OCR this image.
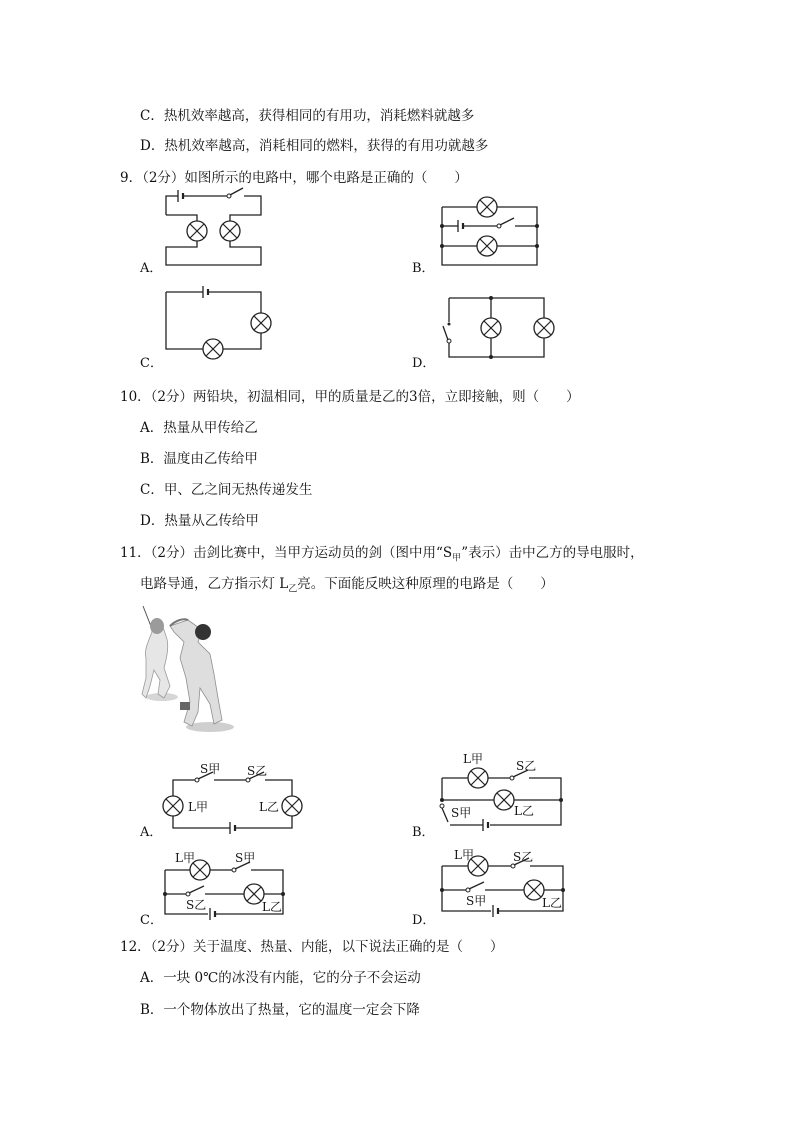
C．热机效率越高，获得相同的有用功，消耗燃料就越多
D．热机效率越高，消耗相同的燃料，获得的有用功就越多
9．（2分）如图所示的电路中，哪个电路是正确的（　　）
A．	B．
C．	D．
10．（2分）两铅块，初温相同，甲的质量是乙的3倍，立即接触，则（　　）
A．热量从甲传给乙
B．温度由乙传给甲
C．甲、乙之间无热传递发生
D．热量从乙传给甲
11．（2分）击剑比赛中，当甲方运动员的剑（图中用“$S_甲$”表示）击中乙方的导电服时，
电路导通，乙方指示灯 $L_乙$亮。下面能反映这种原理的电路是（　　）
A．
S甲 S乙
L甲	L乙
B．
L甲	S乙
S甲	L乙
C．
L甲	S甲
S乙	L乙
D．
L甲	S乙
S甲	L乙
12．（2分）关于温度、热量、内能，以下说法正确的是（　　）
A．一块 0℃的冰没有内能，它的分子不会运动
B．一个物体放出了热量，它的温度一定会下降
